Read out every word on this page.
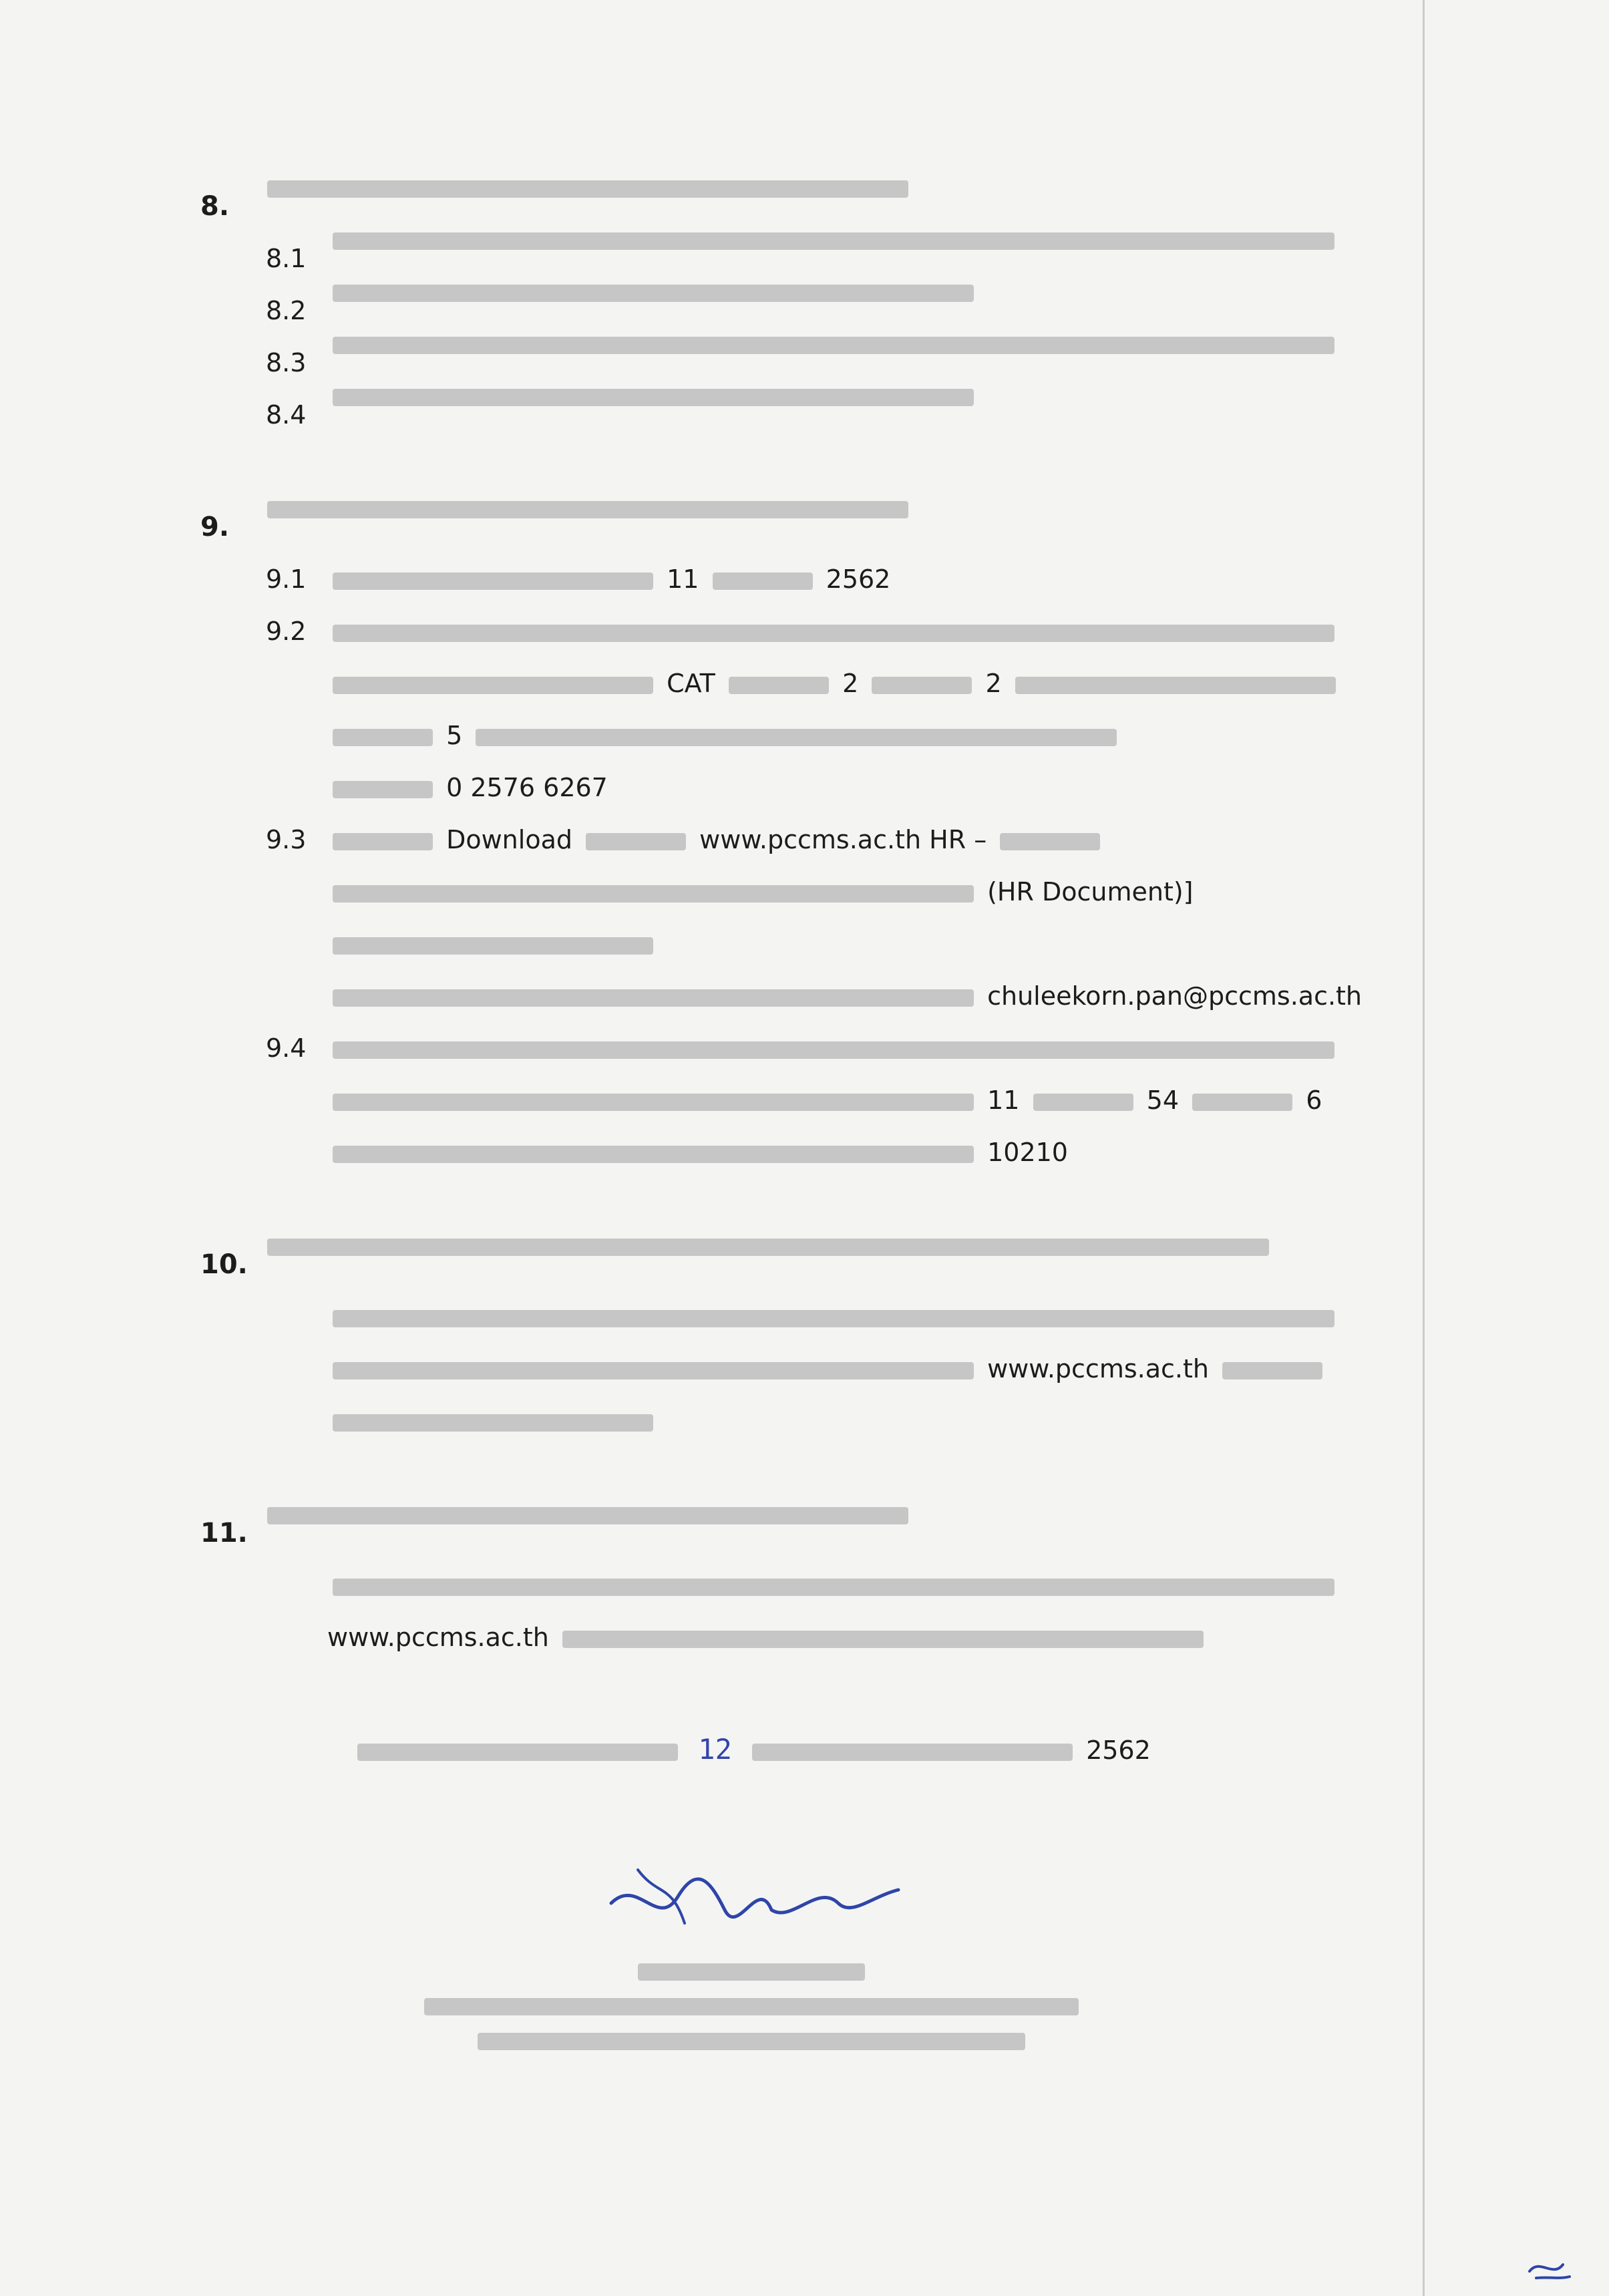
8.
8.1
8.2
8.3
8.4
9.
9.1	11	2562
9.2

CAT	2	2
5
0 2576 6267
9.3	Download	www.pccms.ac.th HR –
(HR Document)]
chuleekorn.pan@pccms.ac.th
9.4

11	54	6
10210
10.

www.pccms.ac.th

11.

www.pccms.ac.th
12	2562
